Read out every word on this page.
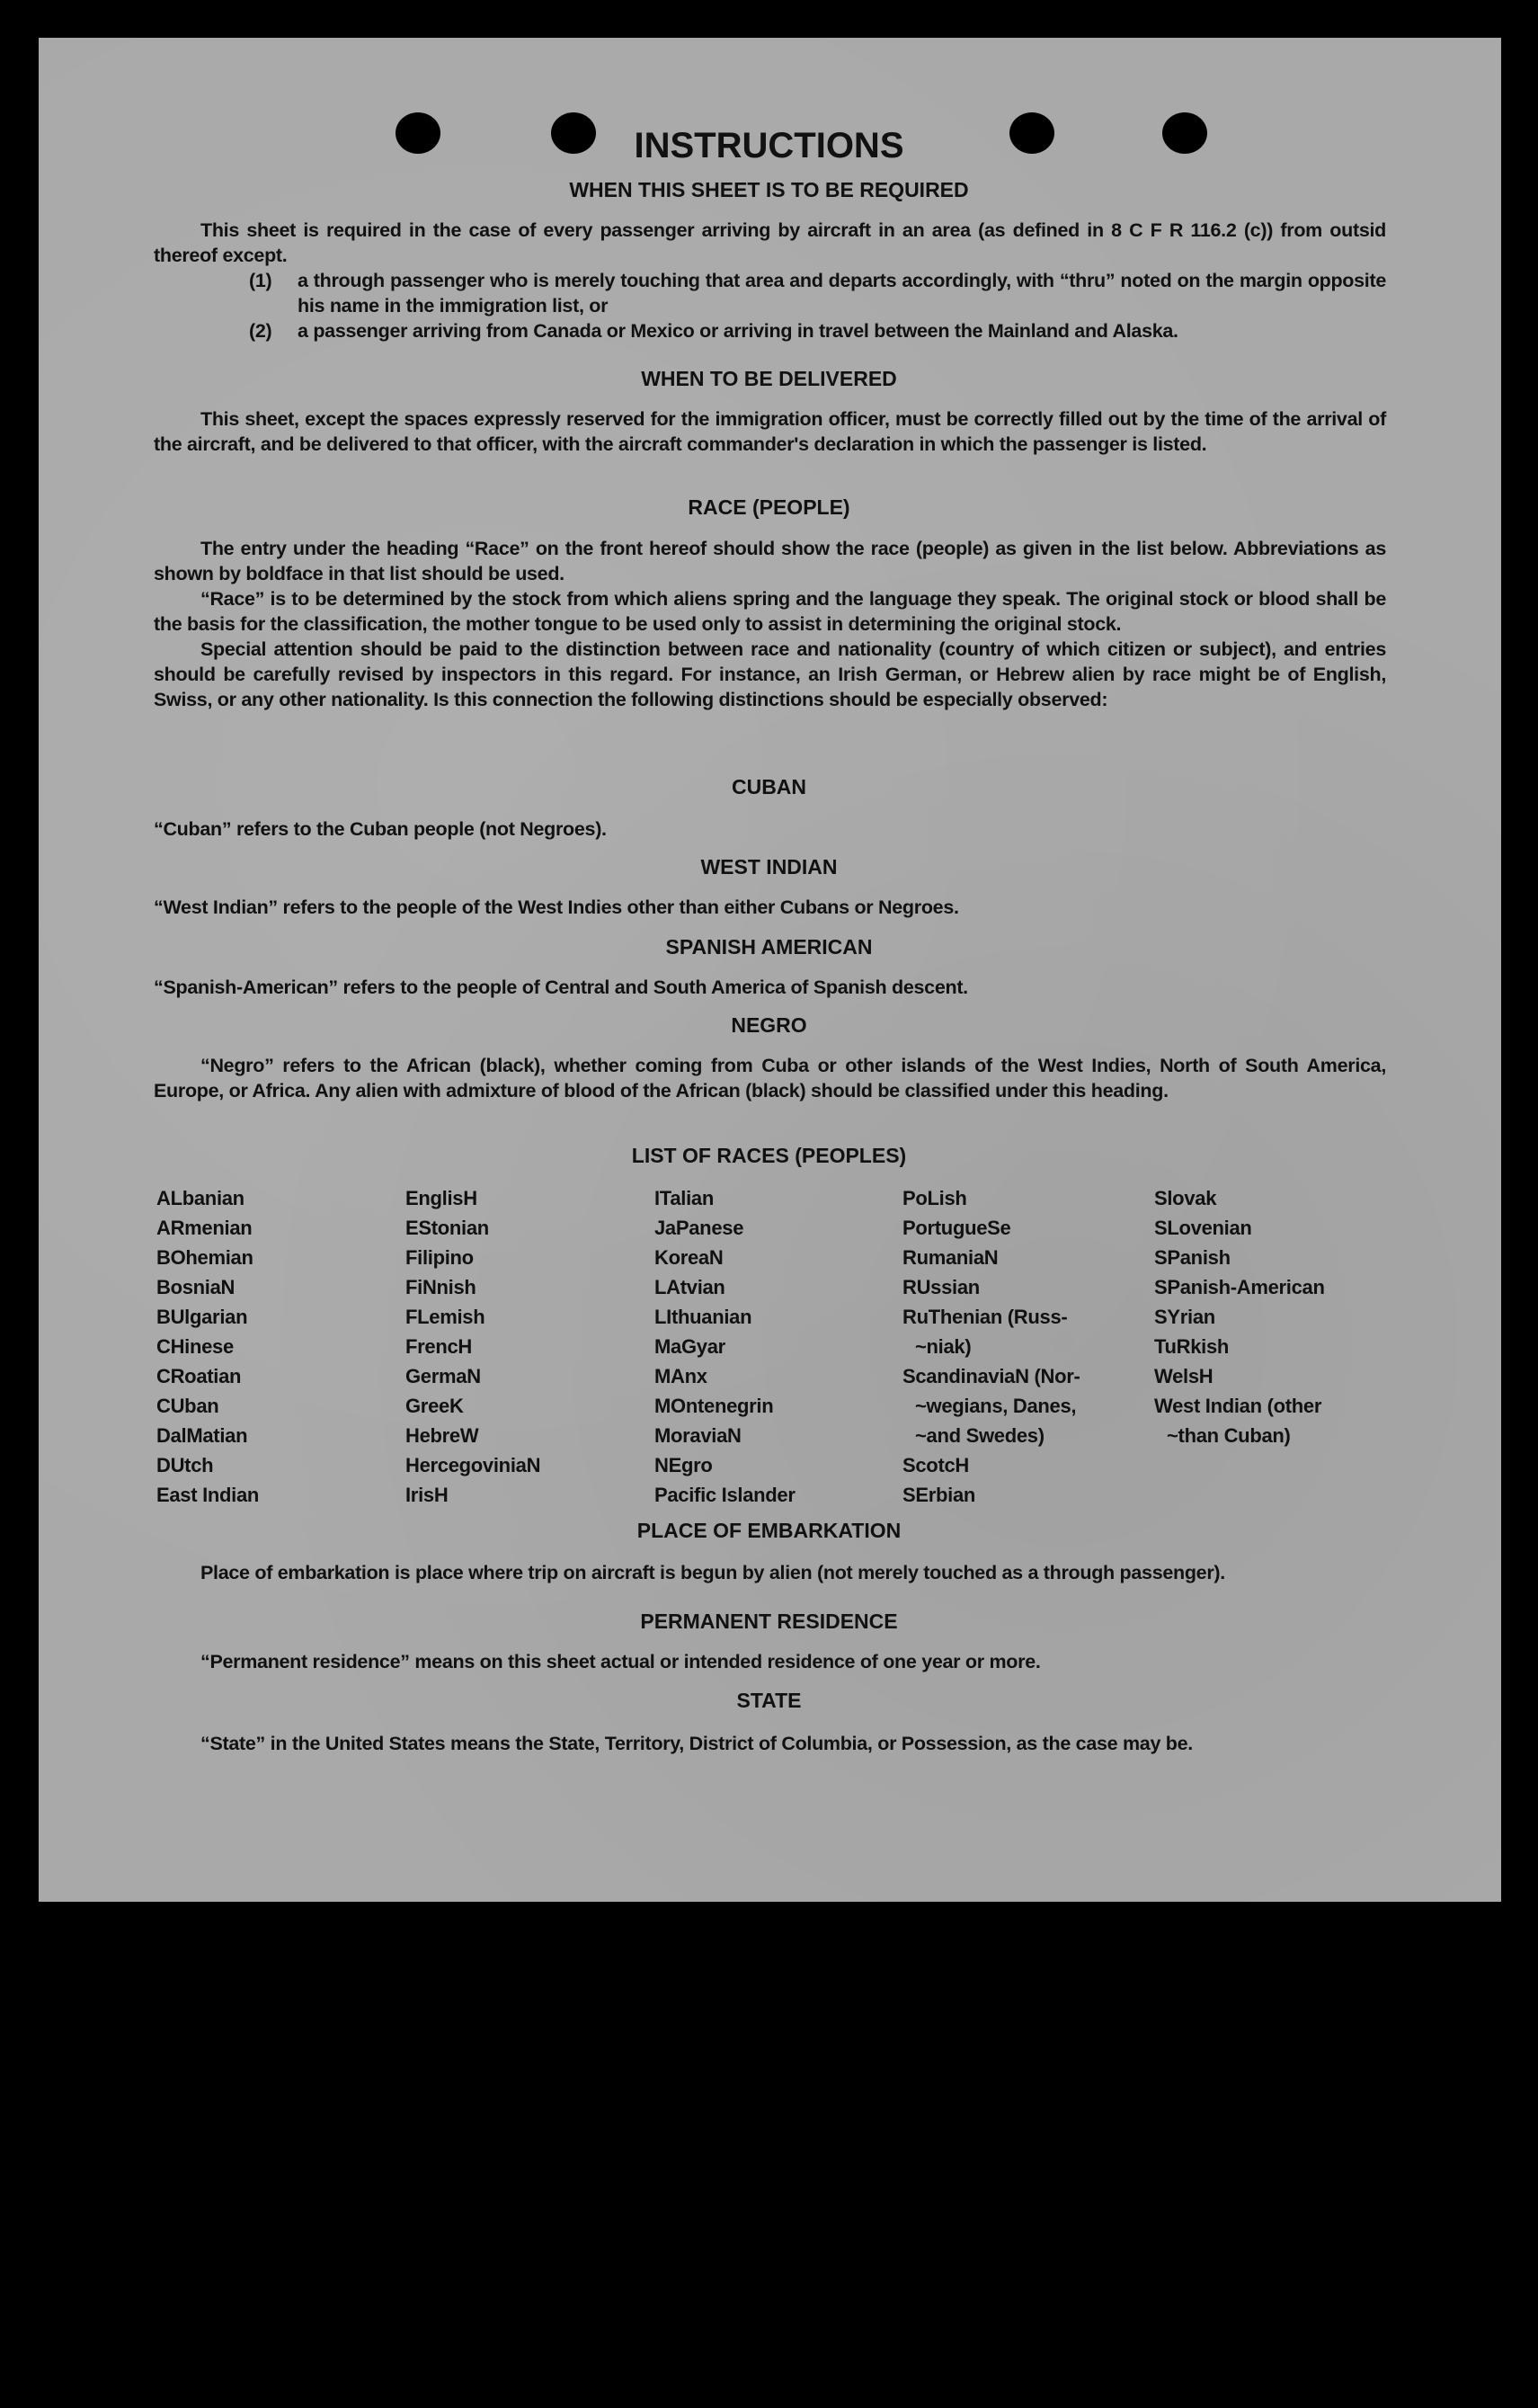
INSTRUCTIONS
WHEN THIS SHEET IS TO BE REQUIRED

This sheet is required in the case of every passenger arriving by aircraft in an area (as defined in 8 C F R 116.2 (c)) from outsid thereof except.

(1)	a through passenger who is merely touching that area and departs accordingly, with “thru” noted on the margin opposite his name in the immigration list, or
(2)	a passenger arriving from Canada or Mexico or arriving in travel between the Mainland and Alaska.
WHEN TO BE DELIVERED

This sheet, except the spaces expressly reserved for the immigration officer, must be correctly filled out by the time of the arrival of the aircraft, and be delivered to that officer, with the aircraft commander's declaration in which the passenger is listed.

RACE (PEOPLE)

The entry under the heading “Race” on the front hereof should show the race (people) as given in the list below. Abbreviations as shown by boldface in that list should be used.

“Race” is to be determined by the stock from which aliens spring and the language they speak. The original stock or blood shall be the basis for the classification, the mother tongue to be used only to assist in determining the original stock.

Special attention should be paid to the distinction between race and nationality (country of which citizen or subject), and entries should be carefully revised by inspectors in this regard. For instance, an Irish German, or Hebrew alien by race might be of English, Swiss, or any other nationality. Is this connection the following distinctions should be especially observed:

CUBAN

“Cuban” refers to the Cuban people (not Negroes).

WEST INDIAN

“West Indian” refers to the people of the West Indies other than either Cubans or Negroes.

SPANISH AMERICAN

“Spanish-American” refers to the people of Central and South America of Spanish descent.

NEGRO

“Negro” refers to the African (black), whether coming from Cuba or other islands of the West Indies, North of South America, Europe, or Africa. Any alien with admixture of blood of the African (black) should be classified under this heading.

LIST OF RACES (PEOPLES)
ALbanian
ARmenian
BOhemian
BosniaN
BUlgarian
CHinese
CRoatian
CUban
DalMatian
DUtch
East Indian
EnglisH
EStonian
Filipino
FiNnish
FLemish
FrencH
GermaN
GreeK
HebreW
HercegoviniaN
IrisH
ITalian
JaPanese
KoreaN
LAtvian
LIthuanian
MaGyar
MAnx
MOntenegrin
MoraviaN
NEgro
Pacific Islander
PoLish
PortugueSe
RumaniaN
RUssian
RuThenian (Russ-
~niak)
ScandinaviaN (Nor-
~wegians, Danes,
~and Swedes)
ScotcH
SErbian
Slovak
SLovenian
SPanish
SPanish-American
SYrian
TuRkish
WelsH
West Indian (other
~than Cuban)
PLACE OF EMBARKATION

Place of embarkation is place where trip on aircraft is begun by alien (not merely touched as a through passenger).

PERMANENT RESIDENCE

“Permanent residence” means on this sheet actual or intended residence of one year or more.

STATE

“State” in the United States means the State, Territory, District of Columbia, or Possession, as the case may be.
